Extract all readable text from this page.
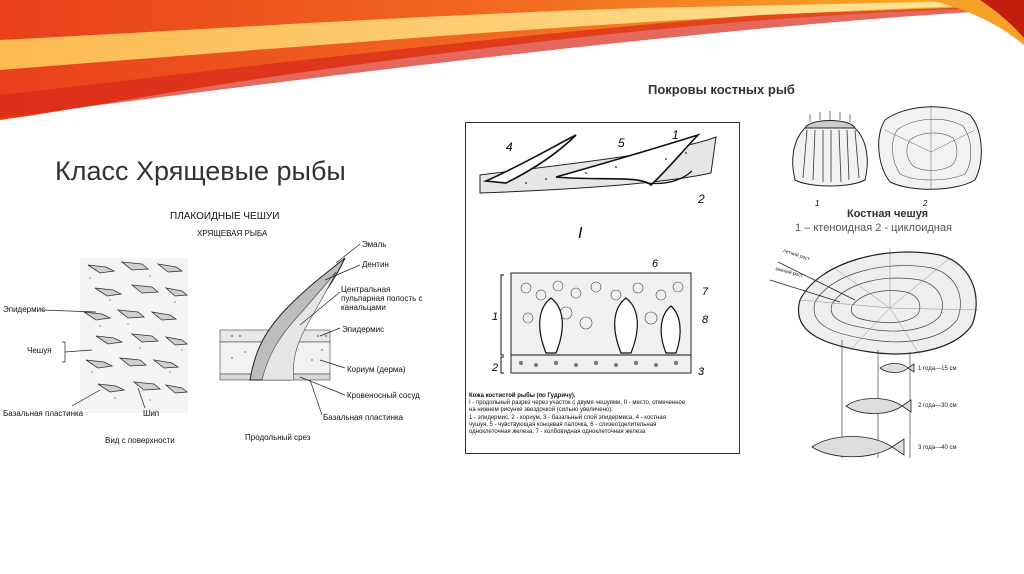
Класс Хрящевые рыбы
Покровы костных рыб
ПЛАКОИДНЫЕ ЧЕШУИ
ХРЯЩЕВАЯ РЫБА
Эпидермис
Чешуя
Базальная пластинка	Шип
Эмаль
Дентин
Центральная пульпарная полость с канальцами
Эпидермис
Кориум (дерма)
Кровеносный сосуд
Базальная пластинка
Вид с поверхности	Продольный срез
4	5
1
2
I
6
7
8
1
2	3
Кожа костистой рыбы (по Гудричу).
I - продольный разрез через участок с двумя чешуями, II - место, отмеченное
на нижнем рисунке звездочкой (сильно увеличено):
1 - эпидермис, 2 - кориум, 3 - базальный слой эпидермиса, 4 - костная
чушуя, 5 - чувствующая концевая палочка, 6 - слизеотделительная
одноклеточная железа, 7 - колбовидная одноклеточная железа
1	2
Костная чешуя
1 – ктеноидная 2 - циклоидная
летний рост
зимний рост
1 года—15 см
2 года—30 см
3 года—40 см
